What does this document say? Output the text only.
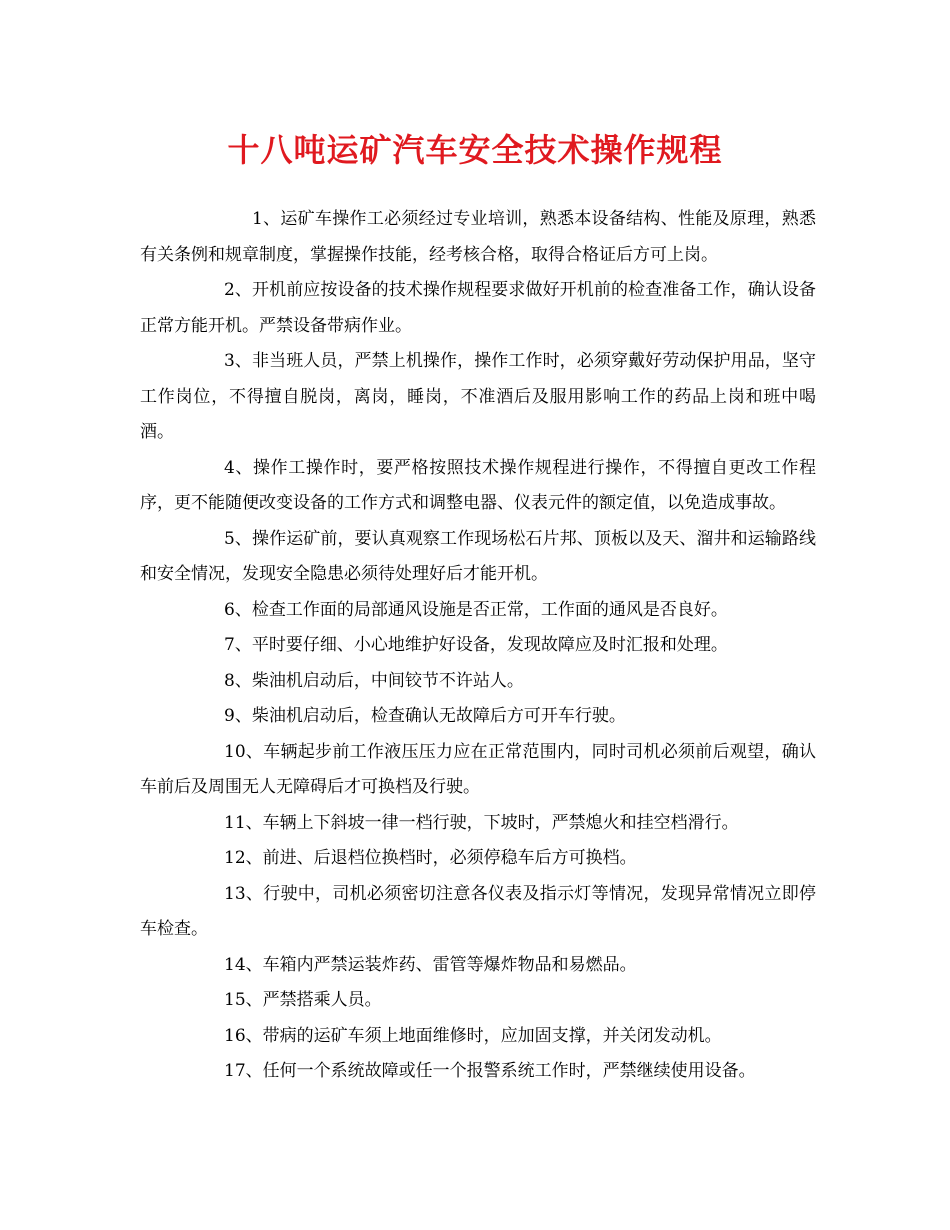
十八吨运矿汽车安全技术操作规程

1、运矿车操作工必须经过专业培训，熟悉本设备结构、性能及原理，熟悉有关条例和规章制度，掌握操作技能，经考核合格，取得合格证后方可上岗。

2、开机前应按设备的技术操作规程要求做好开机前的检查准备工作，确认设备正常方能开机。严禁设备带病作业。

3、非当班人员，严禁上机操作，操作工作时，必须穿戴好劳动保护用品，坚守工作岗位，不得擅自脱岗，离岗，睡岗，不准酒后及服用影响工作的药品上岗和班中喝酒。

4、操作工操作时，要严格按照技术操作规程进行操作，不得擅自更改工作程序，更不能随便改变设备的工作方式和调整电器、仪表元件的额定值，以免造成事故。

5、操作运矿前，要认真观察工作现场松石片邦、顶板以及天、溜井和运输路线和安全情况，发现安全隐患必须待处理好后才能开机。

6、检查工作面的局部通风设施是否正常，工作面的通风是否良好。

7、平时要仔细、小心地维护好设备，发现故障应及时汇报和处理。

8、柴油机启动后，中间铰节不许站人。

9、柴油机启动后，检查确认无故障后方可开车行驶。

10、车辆起步前工作液压压力应在正常范围内，同时司机必须前后观望，确认车前后及周围无人无障碍后才可换档及行驶。

11、车辆上下斜坡一律一档行驶，下坡时，严禁熄火和挂空档滑行。

12、前进、后退档位换档时，必须停稳车后方可换档。

13、行驶中，司机必须密切注意各仪表及指示灯等情况，发现异常情况立即停车检查。

14、车箱内严禁运装炸药、雷管等爆炸物品和易燃品。

15、严禁搭乘人员。

16、带病的运矿车须上地面维修时，应加固支撑，并关闭发动机。

17、任何一个系统故障或任一个报警系统工作时，严禁继续使用设备。
